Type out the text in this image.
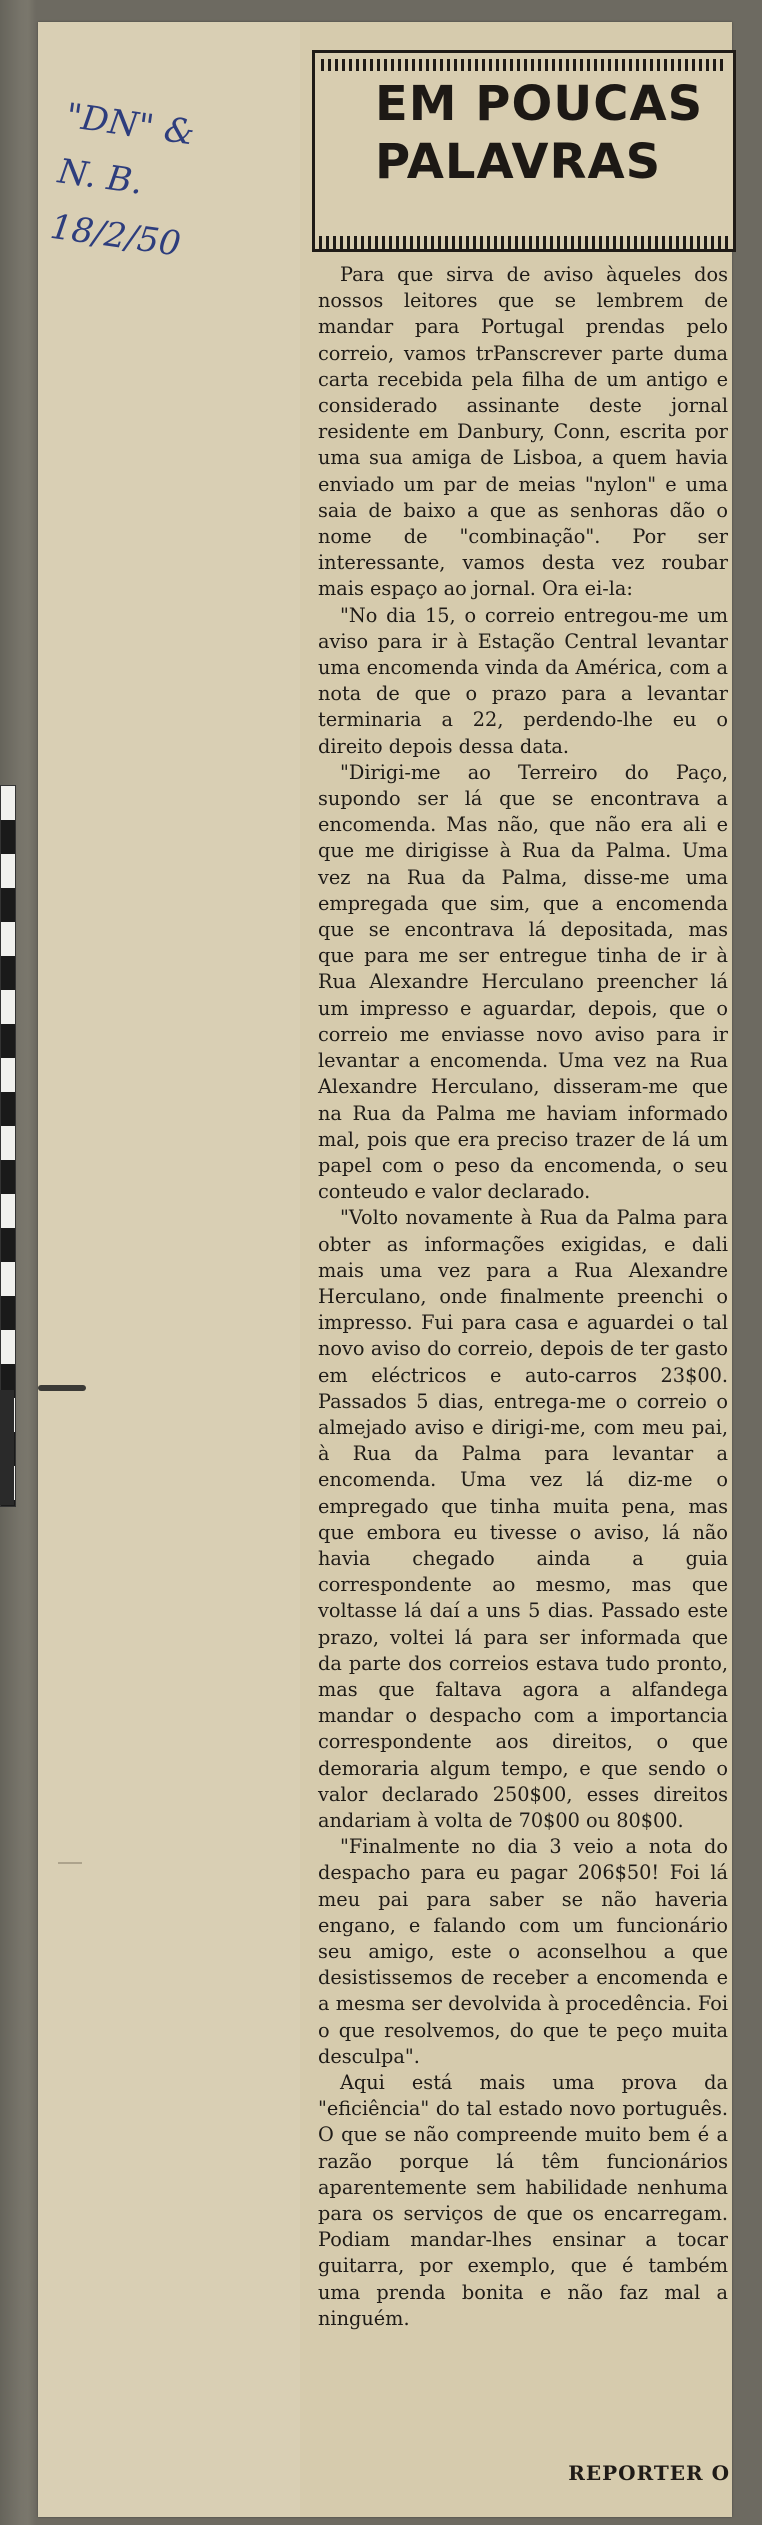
"DN" &
N. B.
18/2/50
EM POUCAS
PALAVRAS

Para que sirva de aviso àqueles dos nossos leitores que se lembrem de mandar para Portugal prendas pelo correio, vamos trPanscrever parte duma carta recebida pela filha de um antigo e considerado assinante deste jornal residente em Danbury, Conn, escrita por uma sua amiga de Lisboa, a quem havia enviado um par de meias "nylon" e uma saia de baixo a que as senhoras dão o nome de "combinação". Por ser interessante, vamos desta vez roubar mais espaço ao jornal. Ora ei-la:

"No dia 15, o correio entregou-me um aviso para ir à Estação Central levantar uma encomenda vinda da América, com a nota de que o prazo para a levantar terminaria a 22, perdendo-lhe eu o direito depois dessa data.

"Dirigi-me ao Terreiro do Paço, supondo ser lá que se encontrava a encomenda. Mas não, que não era ali e que me dirigisse à Rua da Palma. Uma vez na Rua da Palma, disse-me uma empregada que sim, que a encomenda que se encontrava lá depositada, mas que para me ser entregue tinha de ir à Rua Alexandre Herculano preencher lá um impresso e aguardar, depois, que o correio me enviasse novo aviso para ir levantar a encomenda. Uma vez na Rua Alexandre Herculano, disseram-me que na Rua da Palma me haviam informado mal, pois que era preciso trazer de lá um papel com o peso da encomenda, o seu conteudo e valor declarado.

"Volto novamente à Rua da Palma para obter as informações exigidas, e dali mais uma vez para a Rua Alexandre Herculano, onde finalmente preenchi o impresso. Fui para casa e aguardei o tal novo aviso do correio, depois de ter gasto em eléctricos e auto-carros 23$00. Passados 5 dias, entrega-me o correio o almejado aviso e dirigi-me, com meu pai, à Rua da Palma para levantar a encomenda. Uma vez lá diz-me o empregado que tinha muita pena, mas que embora eu tivesse o aviso, lá não havia chegado ainda a guia correspondente ao mesmo, mas que voltasse lá daí a uns 5 dias. Passado este prazo, voltei lá para ser informada que da parte dos correios estava tudo pronto, mas que faltava agora a alfandega mandar o despacho com a importancia correspondente aos direitos, o que demoraria algum tempo, e que sendo o valor declarado 250$00, esses direitos andariam à volta de 70$00 ou 80$00.

"Finalmente no dia 3 veio a nota do despacho para eu pagar 206$50! Foi lá meu pai para saber se não haveria engano, e falando com um funcionário seu amigo, este o aconselhou a que desistissemos de receber a encomenda e a mesma ser devolvida à procedência. Foi o que resolvemos, do que te peço muita desculpa".

Aqui está mais uma prova da "eficiência" do tal estado novo português. O que se não compreende muito bem é a razão porque lá têm funcionários aparentemente sem habilidade nenhuma para os serviços de que os encarregam. Podiam mandar-lhes ensinar a tocar guitarra, por exemplo, que é também uma prenda bonita e não faz mal a ninguém.

REPORTER O
